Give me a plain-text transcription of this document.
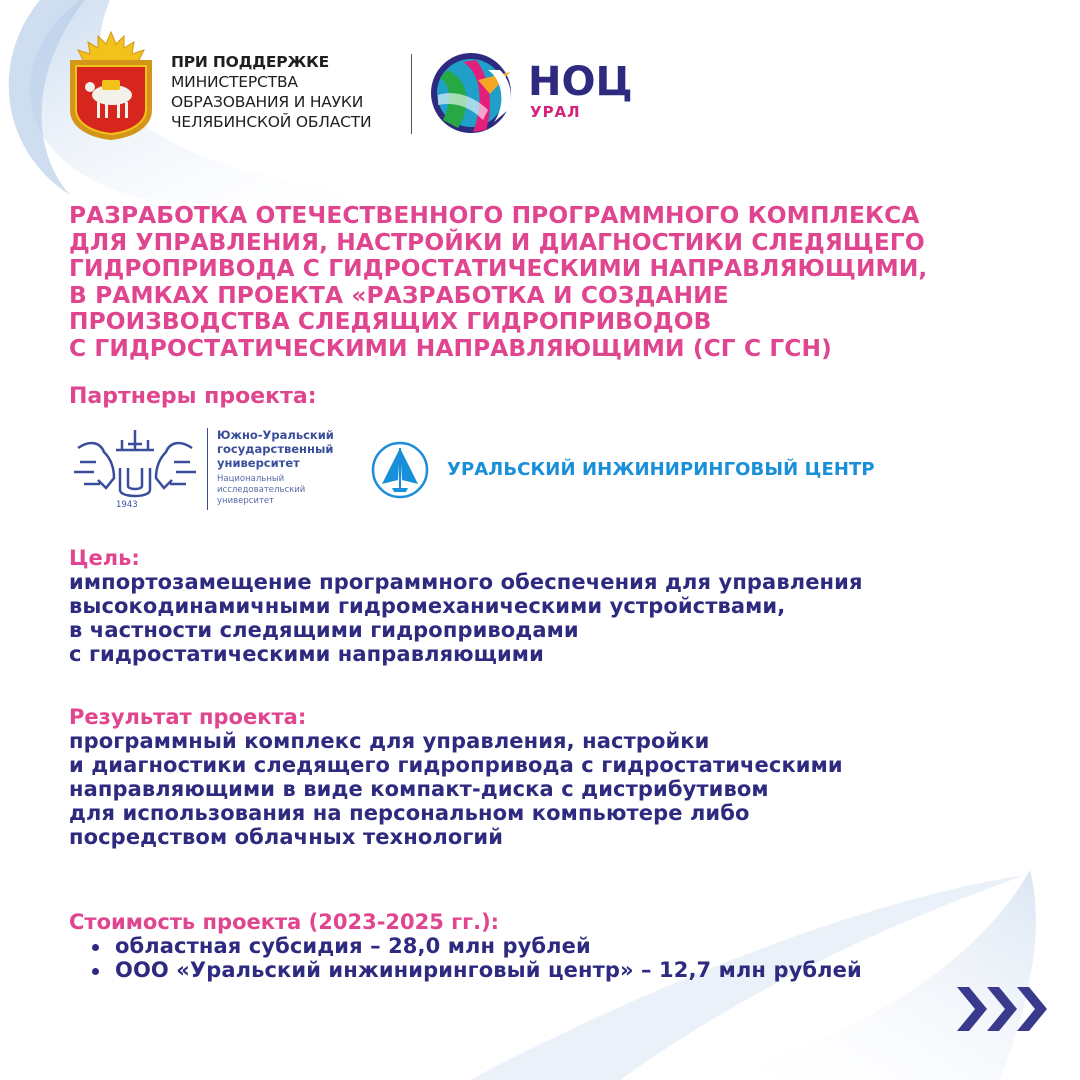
ПРИ ПОДДЕРЖКЕ
МИНИСТЕРСТВА
ОБРАЗОВАНИЯ И НАУКИ
ЧЕЛЯБИНСКОЙ ОБЛАСТИ
НОЦ
УРАЛ
РАЗРАБОТКА ОТЕЧЕСТВЕННОГО ПРОГРАММНОГО КОМПЛЕКСА
ДЛЯ УПРАВЛЕНИЯ, НАСТРОЙКИ И ДИАГНОСТИКИ СЛЕДЯЩЕГО
ГИДРОПРИВОДА С ГИДРОСТАТИЧЕСКИМИ НАПРАВЛЯЮЩИМИ,
В РАМКАХ ПРОЕКТА «РАЗРАБОТКА И СОЗДАНИЕ
ПРОИЗВОДСТВА СЛЕДЯЩИХ ГИДРОПРИВОДОВ
С ГИДРОСТАТИЧЕСКИМИ НАПРАВЛЯЮЩИМИ (СГ С ГСН)
Партнеры проекта:
1943
Южно-Уральский
государственный
университет
Национальный
исследовательский
университет
УРАЛЬСКИЙ ИНЖИНИРИНГОВЫЙ ЦЕНТР
Цель:
импортозамещение программного обеспечения для управления
высокодинамичными гидромеханическими устройствами,
в частности следящими гидроприводами
с гидростатическими направляющими
Результат проекта:
программный комплекс для управления, настройки
и диагностики следящего гидропривода с гидростатическими
направляющими в виде компакт-диска с дистрибутивом
для использования на персональном компьютере либо
посредством облачных технологий
Стоимость проекта (2023-2025 гг.):
областная субсидия – 28,0 млн рублей
ООО «Уральский инжиниринговый центр» – 12,7 млн рублей
